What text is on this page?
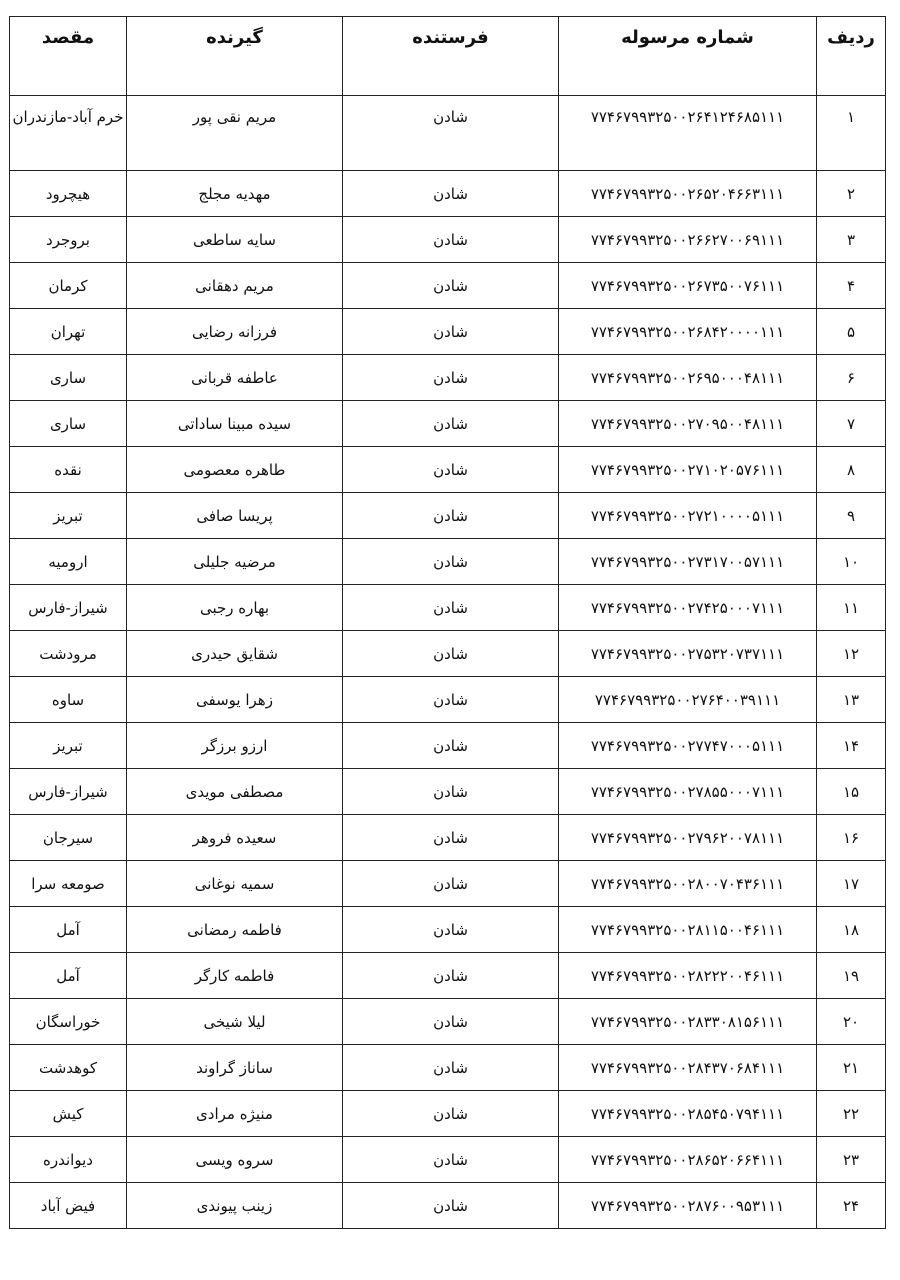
ردیف	شماره مرسوله	فرستنده	گیرنده	مقصد
۱	۷۷۴۶۷۹۹۳۲۵۰۰۲۶۴۱۲۴۶۸۵۱۱۱	شادن	مریم نقی پور	خرم آباد-مازندران
۲	۷۷۴۶۷۹۹۳۲۵۰۰۲۶۵۲۰۴۶۶۳۱۱۱	شادن	مهدیه مجلج	هیچرود
۳	۷۷۴۶۷۹۹۳۲۵۰۰۲۶۶۲۷۰۰۶۹۱۱۱	شادن	سایه ساطعی	بروجرد
۴	۷۷۴۶۷۹۹۳۲۵۰۰۲۶۷۳۵۰۰۷۶۱۱۱	شادن	مریم دهقانی	کرمان
۵	۷۷۴۶۷۹۹۳۲۵۰۰۲۶۸۴۲۰۰۰۰۱۱۱	شادن	فرزانه رضایی	تهران
۶	۷۷۴۶۷۹۹۳۲۵۰۰۲۶۹۵۰۰۰۴۸۱۱۱	شادن	عاطفه قربانی	ساری
۷	۷۷۴۶۷۹۹۳۲۵۰۰۲۷۰۹۵۰۰۴۸۱۱۱	شادن	سیده مبینا ساداتی	ساری
۸	۷۷۴۶۷۹۹۳۲۵۰۰۲۷۱۰۲۰۵۷۶۱۱۱	شادن	طاهره معصومی	نقده
۹	۷۷۴۶۷۹۹۳۲۵۰۰۲۷۲۱۰۰۰۰۵۱۱۱	شادن	پریسا صافی	تبریز
۱۰	۷۷۴۶۷۹۹۳۲۵۰۰۲۷۳۱۷۰۰۵۷۱۱۱	شادن	مرضیه جلیلی	ارومیه
۱۱	۷۷۴۶۷۹۹۳۲۵۰۰۲۷۴۲۵۰۰۰۷۱۱۱	شادن	بهاره رجبی	شیراز-فارس
۱۲	۷۷۴۶۷۹۹۳۲۵۰۰۲۷۵۳۲۰۷۳۷۱۱۱	شادن	شقایق حیدری	مرودشت
۱۳	۷۷۴۶۷۹۹۳۲۵۰۰۲۷۶۴۰۰۳۹۱۱۱	شادن	زهرا یوسفی	ساوه
۱۴	۷۷۴۶۷۹۹۳۲۵۰۰۲۷۷۴۷۰۰۰۵۱۱۱	شادن	ارزو برزگر	تبریز
۱۵	۷۷۴۶۷۹۹۳۲۵۰۰۲۷۸۵۵۰۰۰۷۱۱۱	شادن	مصطفی مویدی	شیراز-فارس
۱۶	۷۷۴۶۷۹۹۳۲۵۰۰۲۷۹۶۲۰۰۷۸۱۱۱	شادن	سعیده فروهر	سیرجان
۱۷	۷۷۴۶۷۹۹۳۲۵۰۰۲۸۰۰۷۰۴۳۶۱۱۱	شادن	سمیه نوغانی	صومعه سرا
۱۸	۷۷۴۶۷۹۹۳۲۵۰۰۲۸۱۱۵۰۰۴۶۱۱۱	شادن	فاطمه رمضانی	آمل
۱۹	۷۷۴۶۷۹۹۳۲۵۰۰۲۸۲۲۲۰۰۴۶۱۱۱	شادن	فاطمه کارگر	آمل
۲۰	۷۷۴۶۷۹۹۳۲۵۰۰۲۸۳۳۰۸۱۵۶۱۱۱	شادن	لیلا شیخی	خوراسگان
۲۱	۷۷۴۶۷۹۹۳۲۵۰۰۲۸۴۳۷۰۶۸۴۱۱۱	شادن	ساناز گراوند	کوهدشت
۲۲	۷۷۴۶۷۹۹۳۲۵۰۰۲۸۵۴۵۰۷۹۴۱۱۱	شادن	منیژه مرادی	کیش
۲۳	۷۷۴۶۷۹۹۳۲۵۰۰۲۸۶۵۲۰۶۶۴۱۱۱	شادن	سروه ویسی	دیواندره
۲۴	۷۷۴۶۷۹۹۳۲۵۰۰۲۸۷۶۰۰۹۵۳۱۱۱	شادن	زینب پیوندی	فیض آباد
